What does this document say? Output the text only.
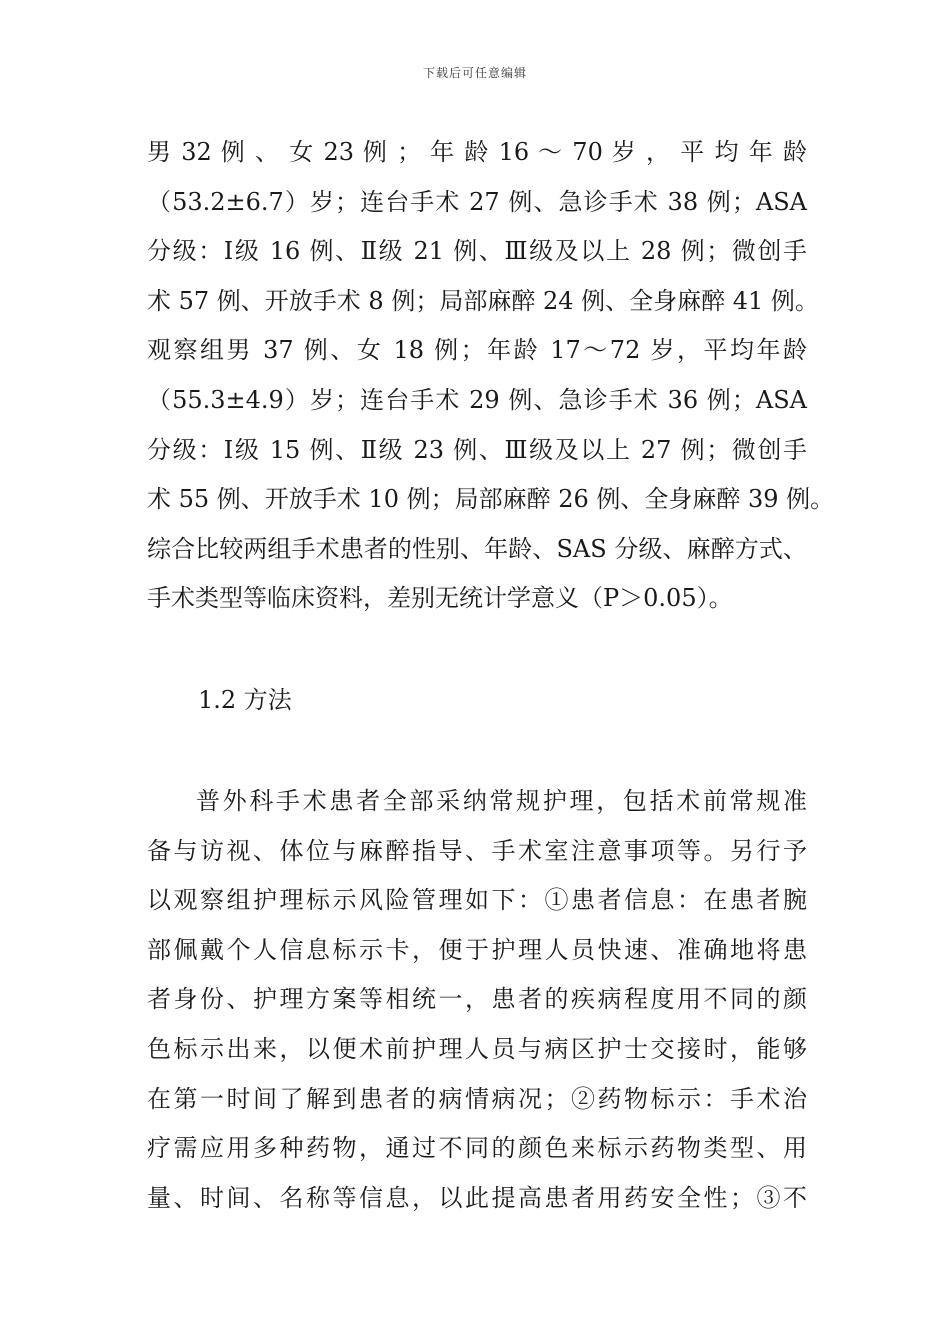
下载后可任意编辑
男 32 例 、 女 23 例 ； 年 龄 16 ～ 70 岁 ， 平 均 年 龄
（53.2±6.7）岁；连台手术 27 例、急诊手术 38 例；ASA
分级：Ⅰ级 16 例、Ⅱ级 21 例、Ⅲ级及以上 28 例；微创手
术 57 例、开放手术 8 例；局部麻醉 24 例、全身麻醉 41 例。
观察组男 37 例、女 18 例；年龄 17～72 岁，平均年龄
（55.3±4.9）岁；连台手术 29 例、急诊手术 36 例；ASA
分级：Ⅰ级 15 例、Ⅱ级 23 例、Ⅲ级及以上 27 例；微创手
术 55 例、开放手术 10 例；局部麻醉 26 例、全身麻醉 39 例。
综合比较两组手术患者的性别、年龄、SAS 分级、麻醉方式、
手术类型等临床资料，差别无统计学意义（P＞0.05）。
1.2 方法
普外科手术患者全部采纳常规护理，包括术前常规准
备与访视、体位与麻醉指导、手术室注意事项等。另行予
以观察组护理标示风险管理如下：①患者信息：在患者腕
部佩戴个人信息标示卡，便于护理人员快速、准确地将患
者身份、护理方案等相统一，患者的疾病程度用不同的颜
色标示出来，以便术前护理人员与病区护士交接时，能够
在第一时间了解到患者的病情病况；②药物标示：手术治
疗需应用多种药物，通过不同的颜色来标示药物类型、用
量、时间、名称等信息，以此提高患者用药安全性；③不
